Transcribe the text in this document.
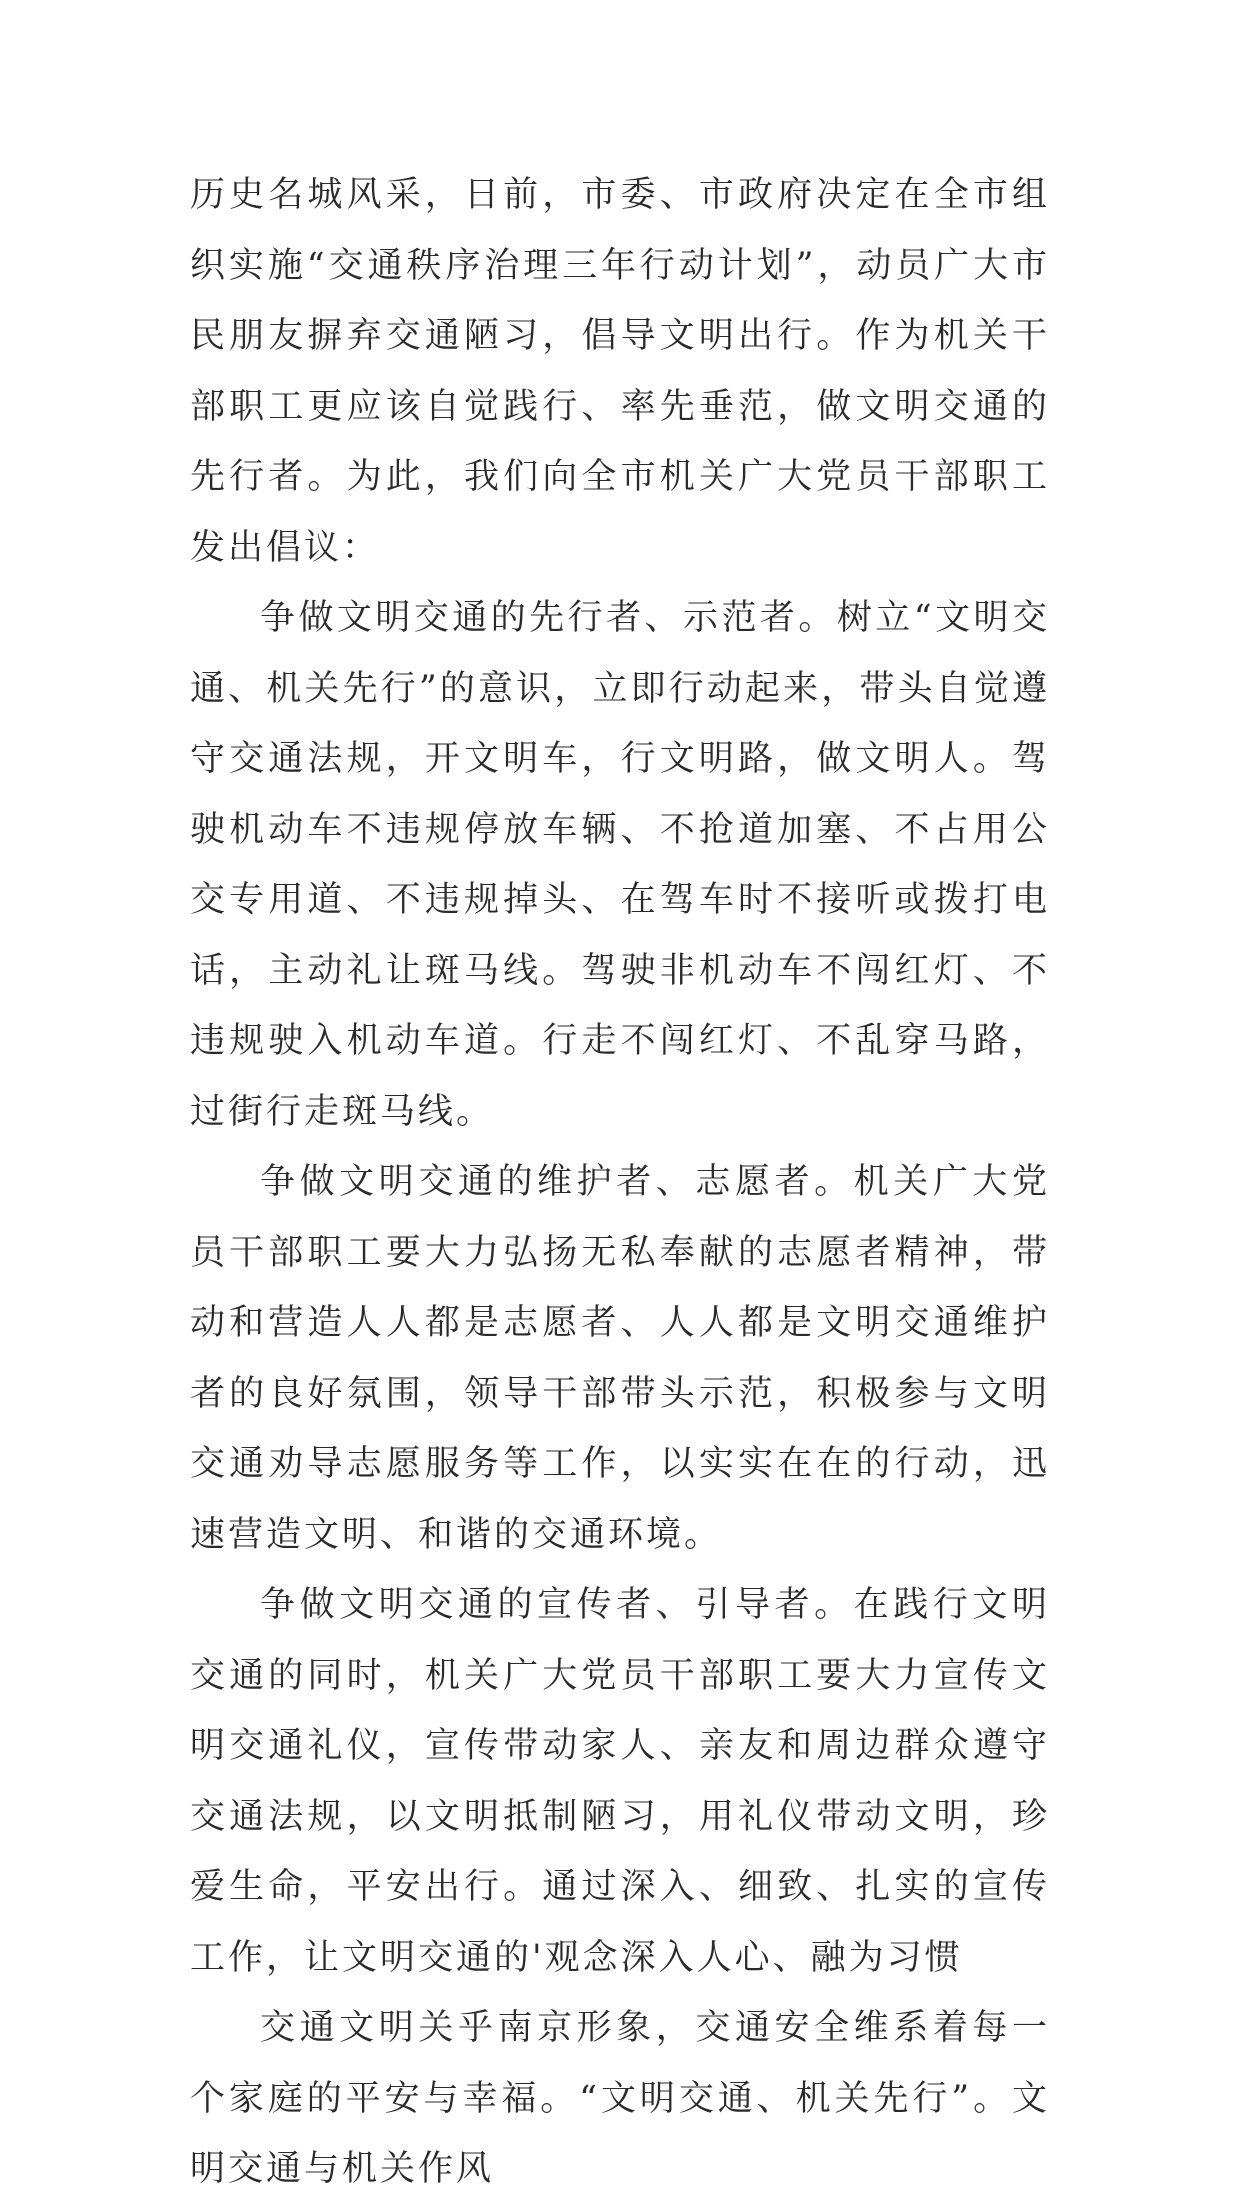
历史名城风采，日前，市委、市政府决定在全市组织实施“交通秩序治理三年行动计划”，动员广大市民朋友摒弃交通陋习，倡导文明出行。作为机关干部职工更应该自觉践行、率先垂范，做文明交通的先行者。为此，我们向全市机关广大党员干部职工发出倡议：

争做文明交通的先行者、示范者。树立“文明交通、机关先行”的意识，立即行动起来，带头自觉遵守交通法规，开文明车，行文明路，做文明人。驾驶机动车不违规停放车辆、不抢道加塞、不占用公交专用道、不违规掉头、在驾车时不接听或拨打电话，主动礼让斑马线。驾驶非机动车不闯红灯、不违规驶入机动车道。行走不闯红灯、不乱穿马路，过街行走斑马线。

争做文明交通的维护者、志愿者。机关广大党员干部职工要大力弘扬无私奉献的志愿者精神，带动和营造人人都是志愿者、人人都是文明交通维护者的良好氛围，领导干部带头示范，积极参与文明交通劝导志愿服务等工作，以实实在在的行动，迅速营造文明、和谐的交通环境。

争做文明交通的宣传者、引导者。在践行文明交通的同时，机关广大党员干部职工要大力宣传文明交通礼仪，宣传带动家人、亲友和周边群众遵守交通法规，以文明抵制陋习，用礼仪带动文明，珍爱生命，平安出行。通过深入、细致、扎实的宣传工作，让文明交通的'观念深入人心、融为习惯

交通文明关乎南京形象，交通安全维系着每一个家庭的平安与幸福。“文明交通、机关先行”。文明交通与机关作风
